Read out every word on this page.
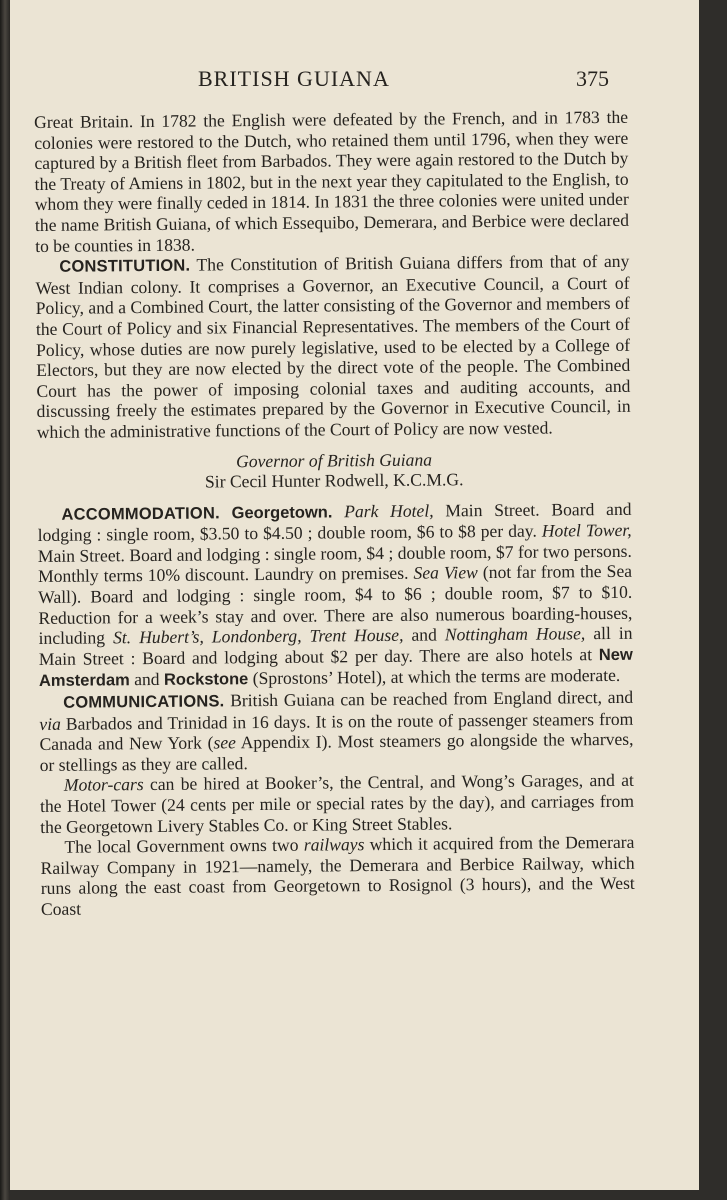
BRITISH GUIANA	375

Great Britain. In 1782 the English were defeated by the French, and in 1783 the colonies were restored to the Dutch, who retained them until 1796, when they were captured by a British fleet from Barbados. They were again restored to the Dutch by the Treaty of Amiens in 1802, but in the next year they capitulated to the English, to whom they were finally ceded in 1814. In 1831 the three colonies were united under the name British Guiana, of which Essequibo, Demerara, and Berbice were declared to be counties in 1838.

CONSTITUTION. The Constitution of British Guiana differs from that of any West Indian colony. It comprises a Governor, an Executive Council, a Court of Policy, and a Combined Court, the latter consisting of the Governor and members of the Court of Policy and six Financial Representatives. The members of the Court of Policy, whose duties are now purely legislative, used to be elected by a College of Electors, but they are now elected by the direct vote of the people. The Combined Court has the power of imposing colonial taxes and auditing accounts, and discussing freely the estimates prepared by the Governor in Executive Council, in which the administrative functions of the Court of Policy are now vested.

Governor of British Guiana

Sir Cecil Hunter Rodwell, K.C.M.G.

ACCOMMODATION. Georgetown. Park Hotel, Main Street. Board and lodging : single room, $3.50 to $4.50 ; double room, $6 to $8 per day. Hotel Tower, Main Street. Board and lodging : single room, $4 ; double room, $7 for two persons. Monthly terms 10% discount. Laundry on premises. Sea View (not far from the Sea Wall). Board and lodging : single room, $4 to $6 ; double room, $7 to $10. Reduction for a week’s stay and over. There are also numerous boarding-houses, including St. Hubert’s, Londonberg, Trent House, and Nottingham House, all in Main Street : Board and lodging about $2 per day. There are also hotels at New Amsterdam and Rockstone (Sprostons’ Hotel), at which the terms are moderate.

COMMUNICATIONS. British Guiana can be reached from England direct, and via Barbados and Trinidad in 16 days. It is on the route of passenger steamers from Canada and New York (see Appendix I). Most steamers go alongside the wharves, or stellings as they are called.

Motor-cars can be hired at Booker’s, the Central, and Wong’s Garages, and at the Hotel Tower (24 cents per mile or special rates by the day), and carriages from the Georgetown Livery Stables Co. or King Street Stables.

The local Government owns two railways which it acquired from the Demerara Railway Company in 1921—namely, the Demerara and Berbice Railway, which runs along the east coast from Georgetown to Rosignol (3 hours), and the West Coast
